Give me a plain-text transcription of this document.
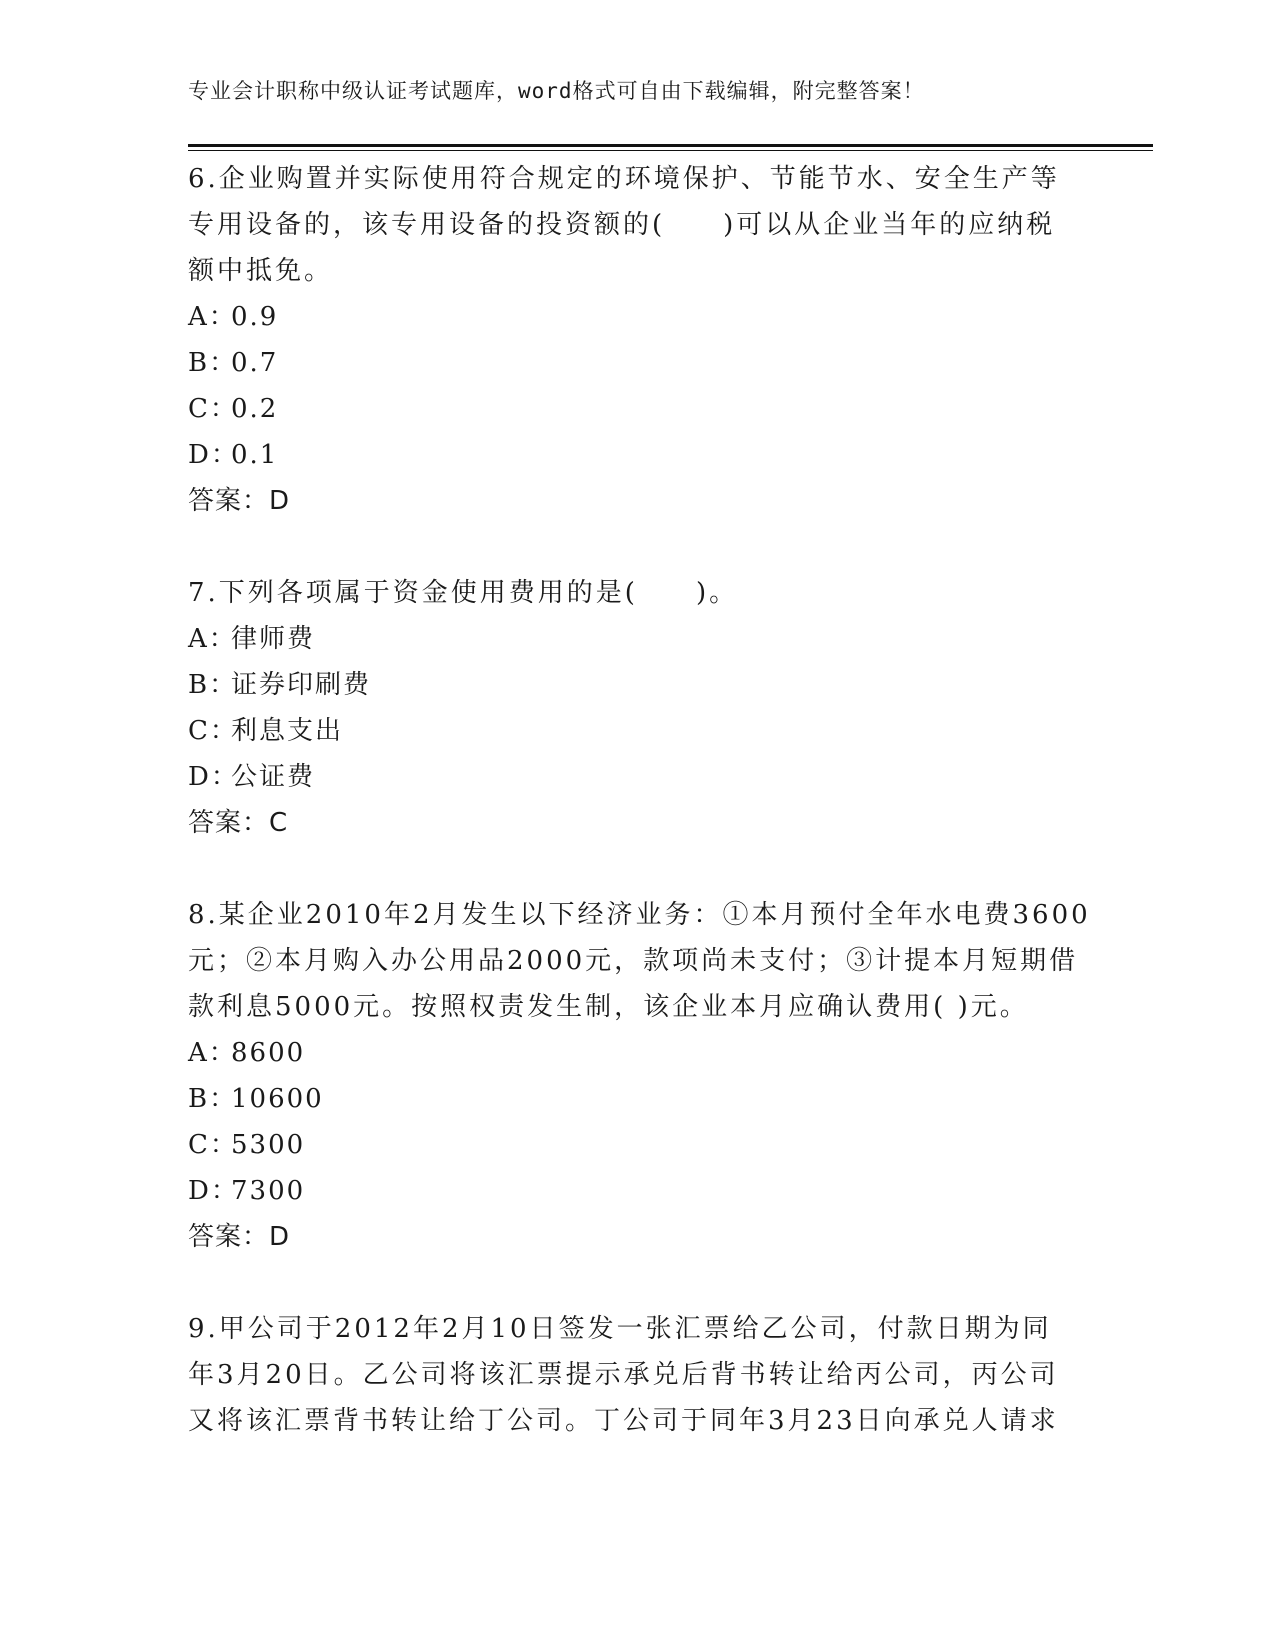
专业会计职称中级认证考试题库，word格式可自由下载编辑，附完整答案！
6.企业购置并实际使用符合规定的环境保护、节能节水、安全生产等
专用设备的，该专用设备的投资额的(　　)可以从企业当年的应纳税
额中抵免。
A：0.9
B：0.7
C：0.2
D：0.1
答案：D
7.下列各项属于资金使用费用的是(　　)。
A：律师费
B：证券印刷费
C：利息支出
D：公证费
答案：C
8.某企业2010年2月发生以下经济业务：①本月预付全年水电费3600
元；②本月购入办公用品2000元，款项尚未支付；③计提本月短期借
款利息5000元。按照权责发生制，该企业本月应确认费用( )元。
A：8600
B：10600
C：5300
D：7300
答案：D
9.甲公司于2012年2月10日签发一张汇票给乙公司，付款日期为同
年3月20日。乙公司将该汇票提示承兑后背书转让给丙公司，丙公司
又将该汇票背书转让给丁公司。丁公司于同年3月23日向承兑人请求
